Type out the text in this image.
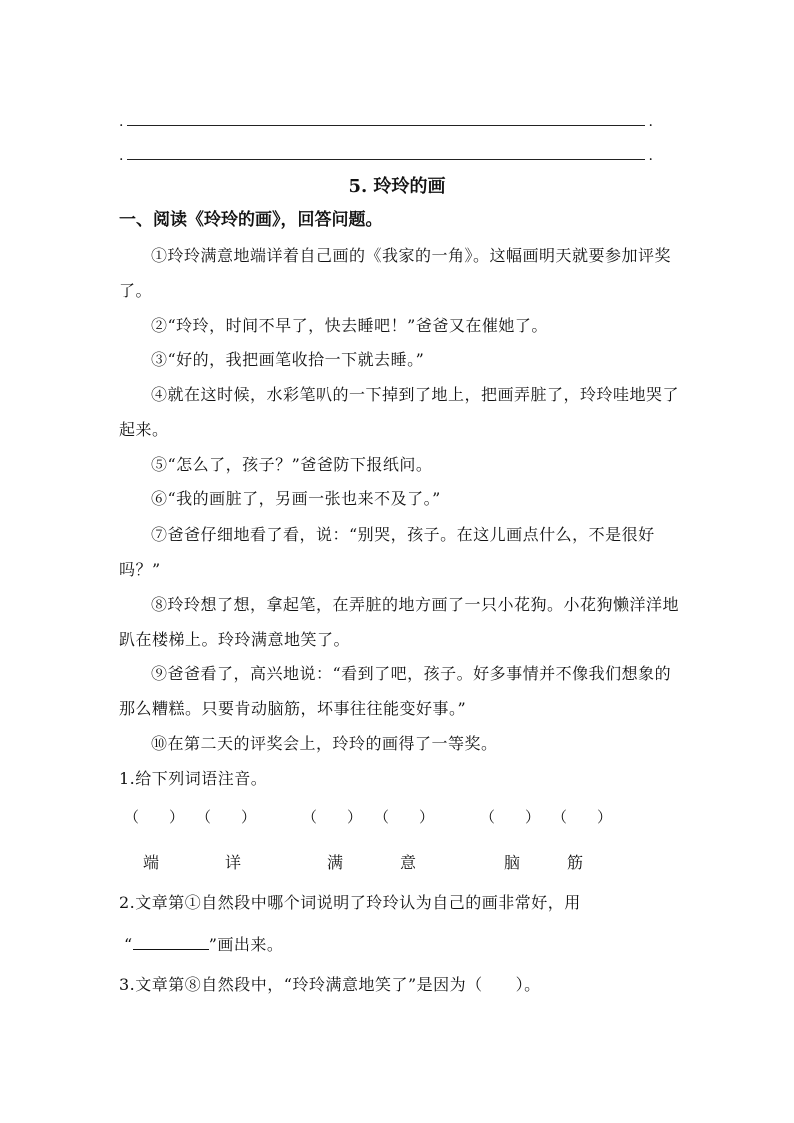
.	.
.	.
5. 玲玲的画
一、阅读《玲玲的画》，回答问题。
①玲玲满意地端详着自己画的《我家的一角》。这幅画明天就要参加评奖了。
②“玲玲，时间不早了，快去睡吧！”爸爸又在催她了。
③“好的，我把画笔收拾一下就去睡。”
④就在这时候，水彩笔叭的一下掉到了地上，把画弄脏了，玲玲哇地哭了起来。
⑤“怎么了，孩子？”爸爸防下报纸问。
⑥“我的画脏了，另画一张也来不及了。”
⑦爸爸仔细地看了看，说：“别哭，孩子。在这儿画点什么，不是很好吗？”
⑧玲玲想了想，拿起笔，在弄脏的地方画了一只小花狗。小花狗懒洋洋地趴在楼梯上。玲玲满意地笑了。
⑨爸爸看了，高兴地说：“看到了吧，孩子。好多事情并不像我们想象的那么糟糕。只要肯动脑筋，坏事往往能变好事。”
⑩在第二天的评奖会上，玲玲的画得了一等奖。
1.给下列词语注音。
（　　） （　　）	（　　） （　　）	（　　） （　　）
端	详	满	意	脑	筋
2.文章第①自然段中哪个词说明了玲玲认为自己的画非常好，用
“	”画出来。
3.文章第⑧自然段中，“玲玲满意地笑了”是因为（　　）。
